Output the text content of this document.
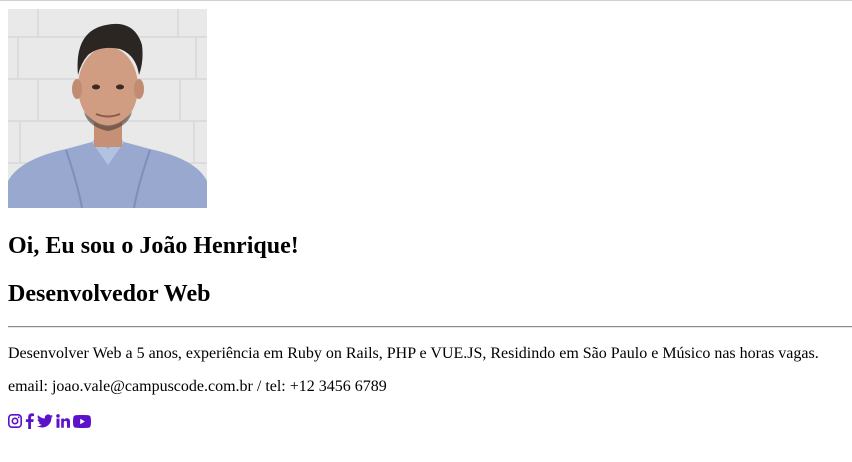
Oi, Eu sou o João Henrique!
Desenvolvedor Web

Desenvolver Web a 5 anos, experiência em Ruby on Rails, PHP e VUE.JS, Residindo em São Paulo e Músico nas horas vagas.

email: joao.vale@campuscode.com.br / tel: +12 3456 6789
